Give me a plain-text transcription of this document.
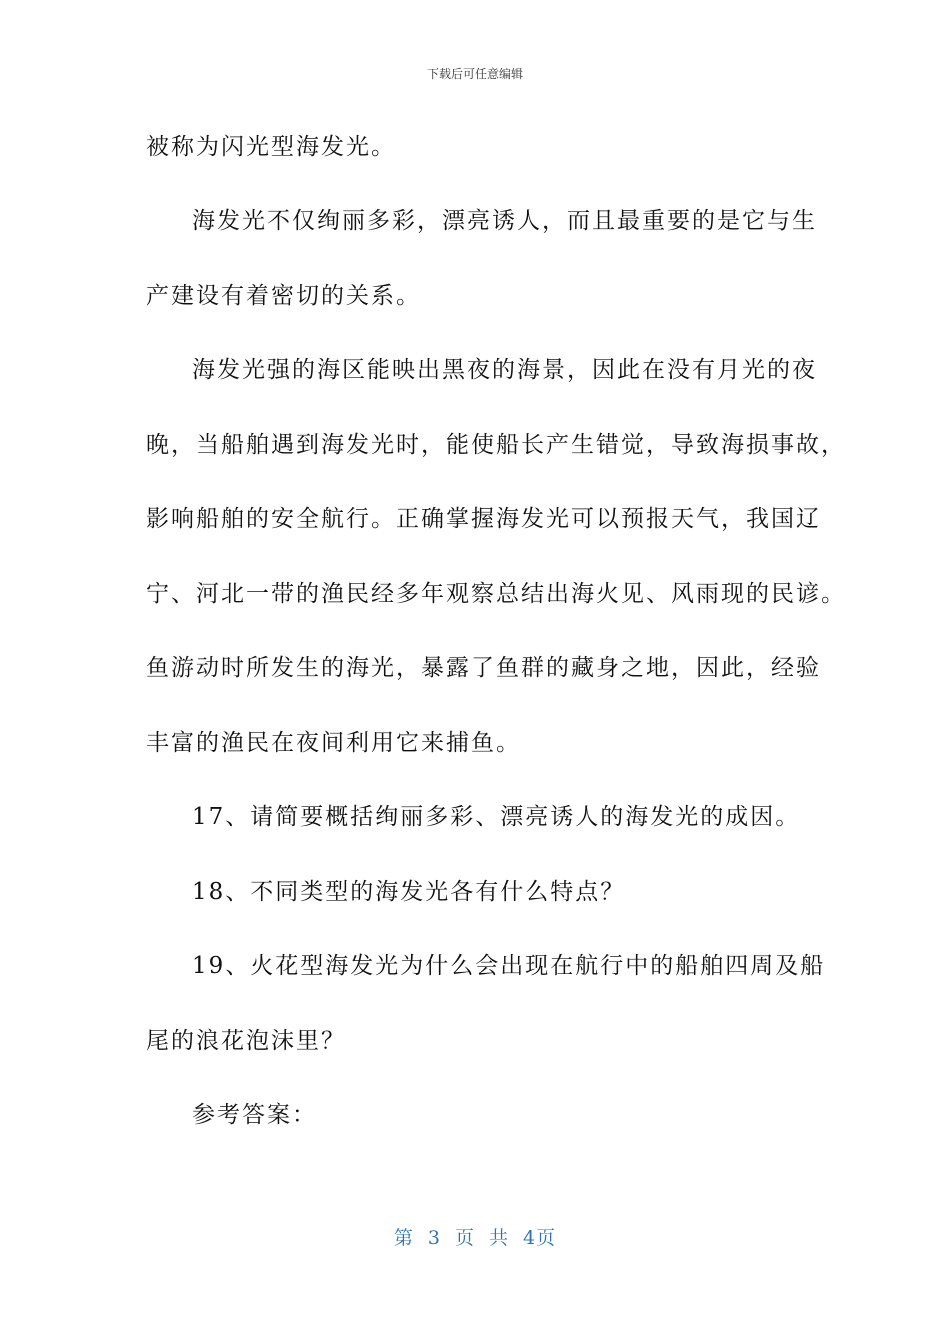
下载后可任意编辑
被称为闪光型海发光。
海发光不仅绚丽多彩，漂亮诱人，而且最重要的是它与生
产建设有着密切的关系。
海发光强的海区能映出黑夜的海景，因此在没有月光的夜
晚，当船舶遇到海发光时，能使船长产生错觉，导致海损事故，
影响船舶的安全航行。正确掌握海发光可以预报天气，我国辽
宁、河北一带的渔民经多年观察总结出海火见、风雨现的民谚。
鱼游动时所发生的海光，暴露了鱼群的藏身之地，因此，经验
丰富的渔民在夜间利用它来捕鱼。
17、请简要概括绚丽多彩、漂亮诱人的海发光的成因。
18、不同类型的海发光各有什么特点？
19、火花型海发光为什么会出现在航行中的船舶四周及船
尾的浪花泡沫里？
参考答案：
第 3 页 共 4页
